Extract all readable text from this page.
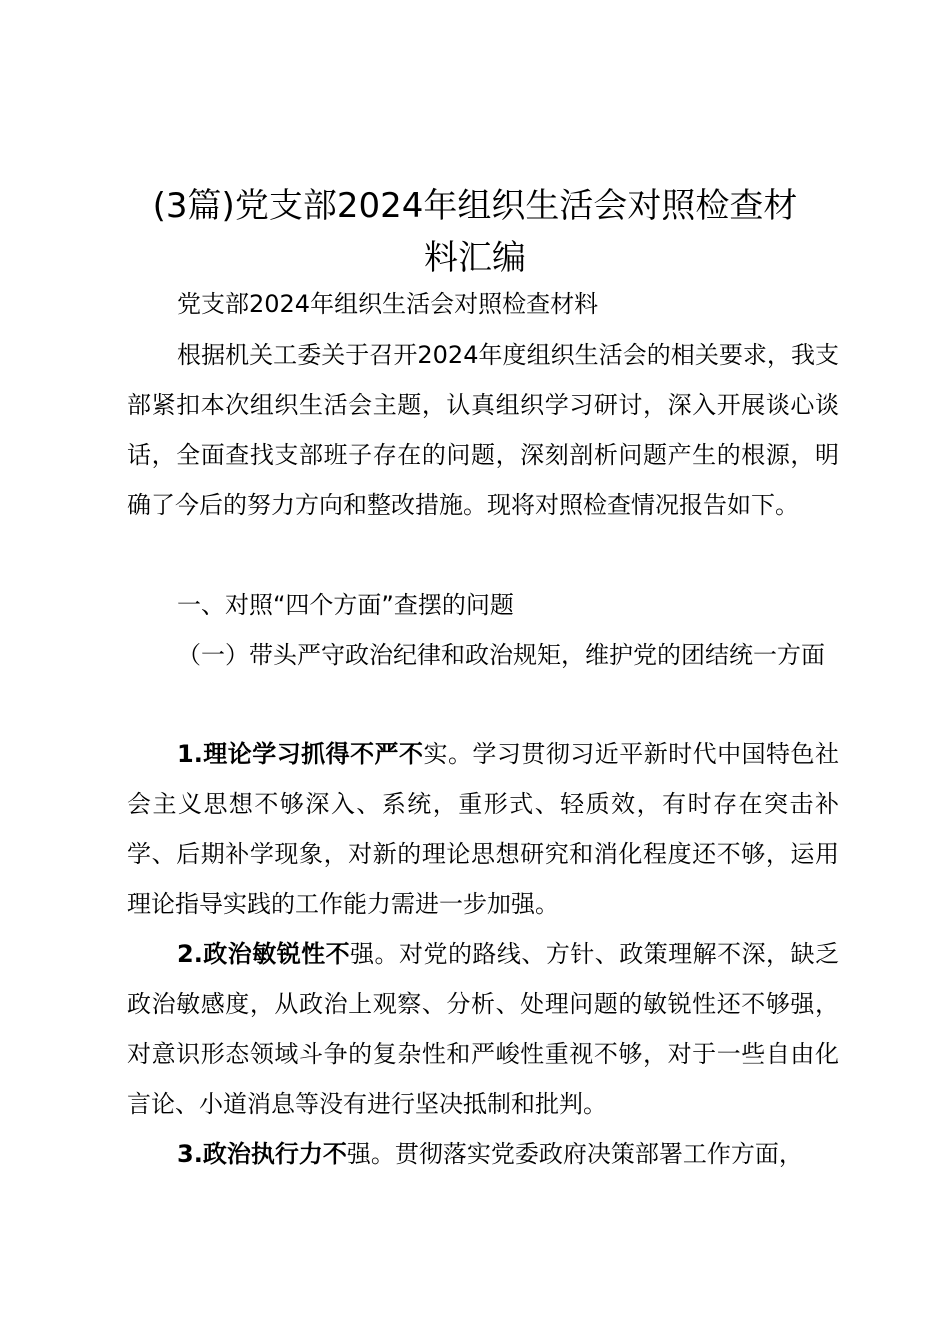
(3篇)党支部2024年组织生活会对照检查材
料汇编

党支部2024年组织生活会对照检查材料

根据机关工委关于召开2024年度组织生活会的相关要求，我支部紧扣本次组织生活会主题，认真组织学习研讨，深入开展谈心谈话，全面查找支部班子存在的问题，深刻剖析问题产生的根源，明确了今后的努力方向和整改措施。现将对照检查情况报告如下。

一、对照“四个方面”查摆的问题

（一）带头严守政治纪律和政治规矩，维护党的团结统一方面

1.理论学习抓得不严不实。学习贯彻习近平新时代中国特色社会主义思想不够深入、系统，重形式、轻质效，有时存在突击补学、后期补学现象，对新的理论思想研究和消化程度还不够，运用理论指导实践的工作能力需进一步加强。

2.政治敏锐性不强。对党的路线、方针、政策理解不深，缺乏政治敏感度，从政治上观察、分析、处理问题的敏锐性还不够强，对意识形态领域斗争的复杂性和严峻性重视不够，对于一些自由化言论、小道消息等没有进行坚决抵制和批判。

3.政治执行力不强。贯彻落实党委政府决策部署工作方面，
